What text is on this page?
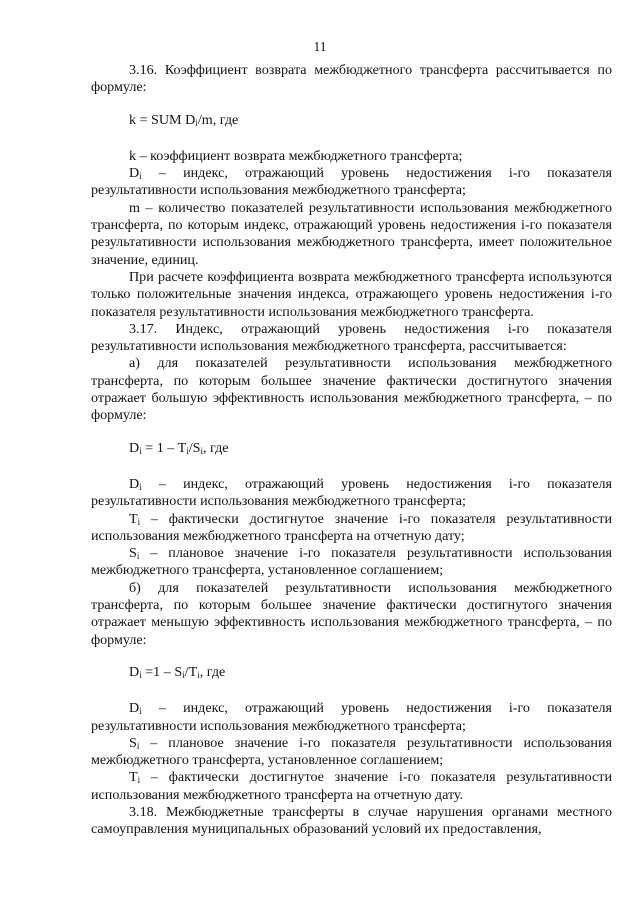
11

3.16. Коэффициент возврата межбюджетного трансферта рассчитывается по формуле:

k = SUM $D_i/m$, где

k – коэффициент возврата межбюджетного трансферта;

$D_i$ – индекс, отражающий уровень недостижения i-го показателя результативности использования межбюджетного трансферта;

m – количество показателей результативности использования межбюджетного трансферта, по которым индекс, отражающий уровень недостижения i-го показателя результативности использования межбюджетного трансферта, имеет положительное значение, единиц.

При расчете коэффициента возврата межбюджетного трансферта используются только положительные значения индекса, отражающего уровень недостижения i-го показателя результативности использования межбюджетного трансферта.

3.17. Индекс, отражающий уровень недостижения i-го показателя результативности использования межбюджетного трансферта, рассчитывается:

а) для показателей результативности использования межбюджетного трансферта, по которым большее значение фактически достигнутого значения отражает большую эффективность использования межбюджетного трансферта, – по формуле:

$D_i = 1 - T_i/S_i$, где

$D_i$ – индекс, отражающий уровень недостижения i-го показателя результативности использования межбюджетного трансферта;

$T_i$ – фактически достигнутое значение i-го показателя результативности использования межбюджетного трансферта на отчетную дату;

$S_i$ – плановое значение i-го показателя результативности использования межбюджетного трансферта, установленное соглашением;

б) для показателей результативности использования межбюджетного трансферта, по которым большее значение фактически достигнутого значения отражает меньшую эффективность использования межбюджетного трансферта, – по формуле:

$D_i =1 - S_i/T_i$, где

$D_i$ – индекс, отражающий уровень недостижения i-го показателя результативности использования межбюджетного трансферта;

$S_i$ – плановое значение i-го показателя результативности использования межбюджетного трансферта, установленное соглашением;

$T_i$ – фактически достигнутое значение i-го показателя результативности использования межбюджетного трансферта на отчетную дату.

3.18. Межбюджетные трансферты в случае нарушения органами местного самоуправления муниципальных образований условий их предоставления,
